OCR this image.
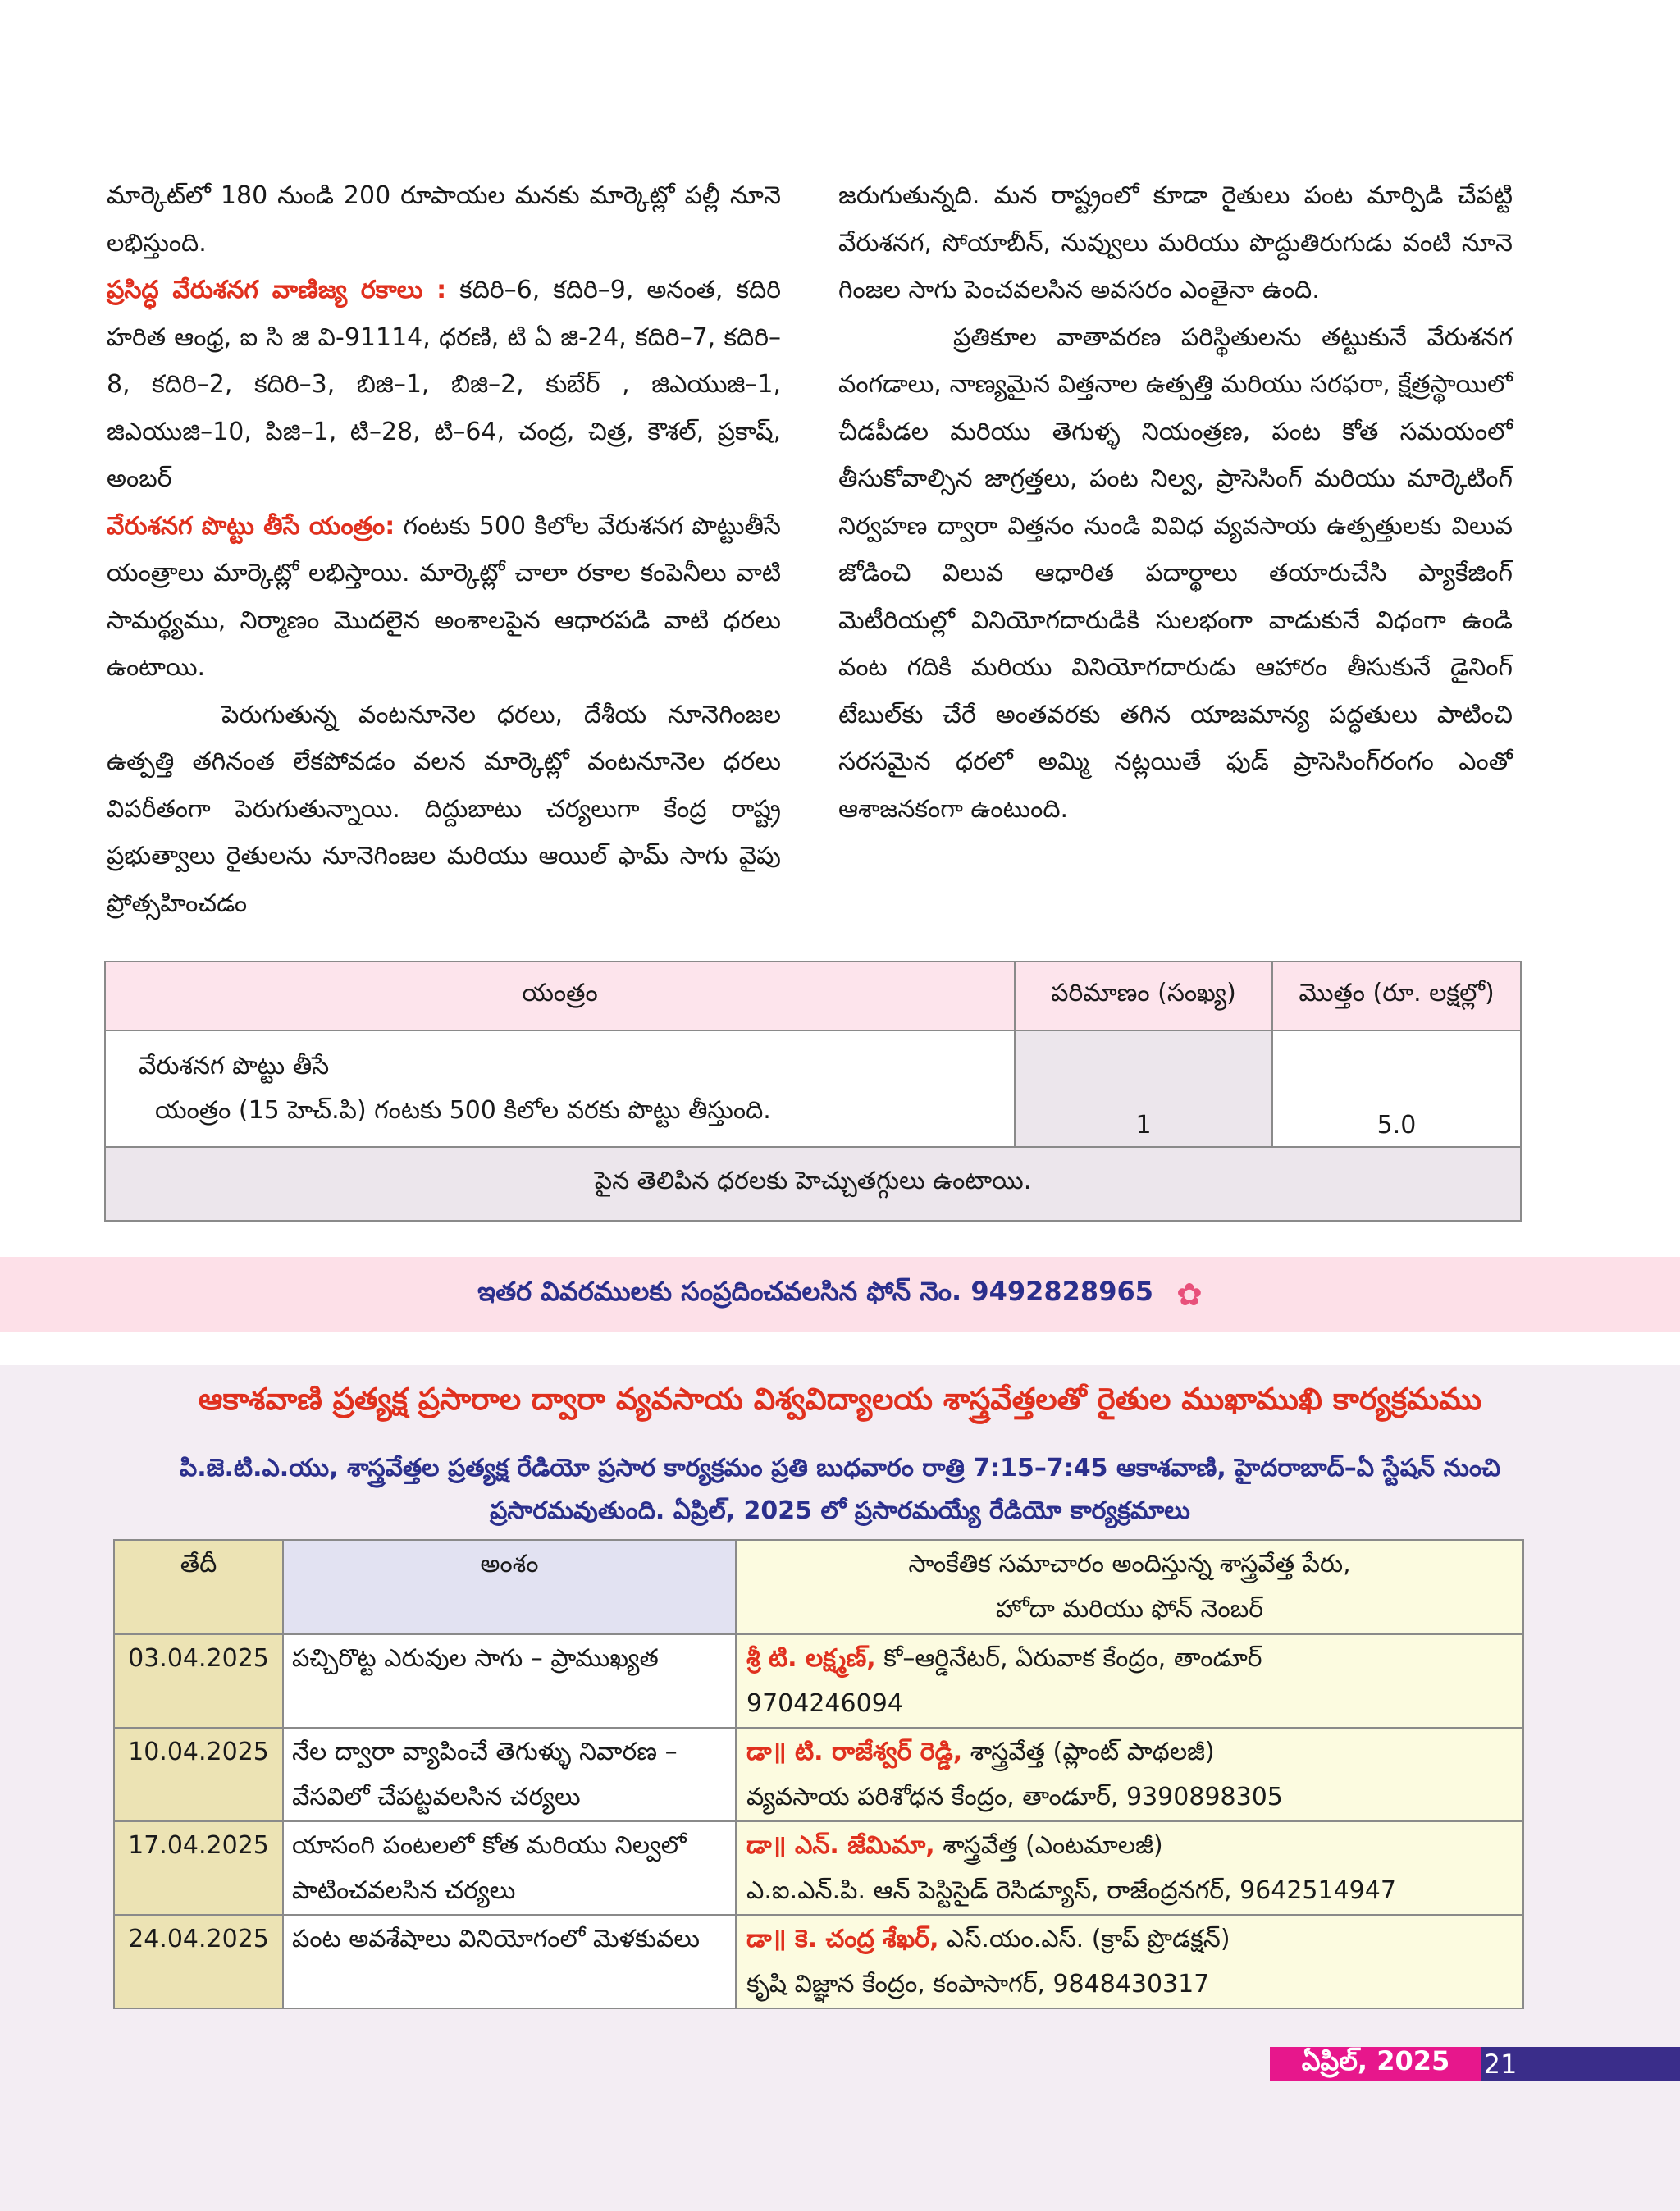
మార్కెట్‌లో 180 నుండి 200 రూపాయల మనకు మార్కెట్లో పల్లీ నూనె లభిస్తుంది.

ప్రసిద్ధ వేరుశనగ వాణిజ్య రకాలు : కదిరి–6, కదిరి–9, అనంత, కదిరి హరిత ఆంధ్ర, ఐ సి జి వి-91114, ధరణి, టి ఏ జి-24, కదిరి–7, కదిరి–8, కదిరి–2, కదిరి–3, బిజి–1, బిజి–2, కుబేర్ , జిఎయుజి–1, జిఎయుజి–10, పిజి–1, టి–28, టి–64, చంద్ర, చిత్ర, కౌశల్, ప్రకాష్, అంబర్

వేరుశనగ పొట్టు తీసే యంత్రం: గంటకు 500 కిలోల వేరుశనగ పొట్టుతీసే యంత్రాలు మార్కెట్లో లభిస్తాయి. మార్కెట్లో చాలా రకాల కంపెనీలు వాటి సామర్థ్యము, నిర్మాణం మొదలైన అంశాలపైన ఆధారపడి వాటి ధరలు ఉంటాయి.

పెరుగుతున్న వంటనూనెల ధరలు, దేశీయ నూనెగింజల ఉత్పత్తి తగినంత లేకపోవడం వలన మార్కెట్లో వంటనూనెల ధరలు విపరీతంగా పెరుగుతున్నాయి. దిద్దుబాటు చర్యలుగా కేంద్ర రాష్ట్ర ప్రభుత్వాలు రైతులను నూనెగింజల మరియు ఆయిల్ ఫామ్ సాగు వైపు ప్రోత్సహించడం

జరుగుతున్నది. మన రాష్ట్రంలో కూడా రైతులు పంట మార్పిడి చేపట్టి వేరుశనగ, సోయాబీన్, నువ్వులు మరియు పొద్దుతిరుగుడు వంటి నూనె గింజల సాగు పెంచవలసిన అవసరం ఎంతైనా ఉంది.

ప్రతికూల వాతావరణ పరిస్థితులను తట్టుకునే వేరుశనగ వంగడాలు, నాణ్యమైన విత్తనాల ఉత్పత్తి మరియు సరఫరా, క్షేత్రస్థాయిలో చీడపీడల మరియు తెగుళ్ళ నియంత్రణ, పంట కోత సమయంలో తీసుకోవాల్సిన జాగ్రత్తలు, పంట నిల్వ, ప్రాసెసింగ్ మరియు మార్కెటింగ్ నిర్వహణ ద్వారా విత్తనం నుండి వివిధ వ్యవసాయ ఉత్పత్తులకు విలువ జోడించి విలువ ఆధారిత పదార్థాలు తయారుచేసి ప్యాకేజింగ్ మెటీరియల్లో వినియోగదారుడికి సులభంగా వాడుకునే విధంగా ఉండి వంట గదికి మరియు వినియోగదారుడు ఆహారం తీసుకునే డైనింగ్ టేబుల్‌కు చేరే అంతవరకు తగిన యాజమాన్య పద్ధతులు పాటించి సరసమైన ధరలో అమ్మి నట్లయితే ఫుడ్ ప్రాసెసింగ్‌రంగం ఎంతో ఆశాజనకంగా ఉంటుంది.

యంత్రం	పరిమాణం (సంఖ్య)	మొత్తం (రూ. లక్షల్లో)

వేరుశనగ పొట్టు తీసే
యంత్రం (15 హెచ్.పి) గంటకు 500 కిలోల వరకు పొట్టు తీస్తుంది.	1	5.0
పైన తెలిపిన ధరలకు హెచ్చుతగ్గులు ఉంటాయి.		
ఇతర వివరములకు సంప్రదించవలసిన ఫోన్ నెం. 9492828965 ✿
ఆకాశవాణి ప్రత్యక్ష ప్రసారాల ద్వారా వ్యవసాయ విశ్వవిద్యాలయ శాస్త్రవేత్తలతో రైతుల ముఖాముఖి కార్యక్రమము
పి.జె.టి.ఎ.యు, శాస్త్రవేత్తల ప్రత్యక్ష రేడియో ప్రసార కార్యక్రమం ప్రతి బుధవారం రాత్రి 7:15–7:45 ఆకాశవాణి, హైదరాబాద్–ఏ స్టేషన్ నుంచి ప్రసారమవుతుంది. ఏప్రిల్, 2025 లో ప్రసారమయ్యే రేడియో కార్యక్రమాలు
తేదీ	అంశం	సాంకేతిక సమాచారం అందిస్తున్న శాస్త్రవేత్త పేరు,
హోదా మరియు ఫోన్ నెంబర్

03.04.2025	పచ్చిరొట్ట ఎరువుల సాగు – ప్రాముఖ్యత	శ్రీ టి. లక్ష్మణ్, కో–ఆర్డినేటర్, ఏరువాక కేంద్రం, తాండూర్
9704246094

10.04.2025	నేల ద్వారా వ్యాపించే తెగుళ్ళు నివారణ – వేసవిలో చేపట్టవలసిన చర్యలు	డా॥ టి. రాజేశ్వర్ రెడ్డి, శాస్త్రవేత్త (ప్లాంట్ పాథలజీ)
వ్యవసాయ పరిశోధన కేంద్రం, తాండూర్, 9390898305

17.04.2025	యాసంగి పంటలలో కోత మరియు నిల్వలో పాటించవలసిన చర్యలు	డా॥ ఎన్. జేమిమా, శాస్త్రవేత్త (ఎంటమాలజీ)
ఎ.ఐ.ఎన్.పి. ఆన్ పెస్టిసైడ్ రెసిడ్యూస్, రాజేంద్రనగర్, 9642514947

24.04.2025	పంట అవశేషాలు వినియోగంలో మెళకువలు	డా॥ కె. చంద్ర శేఖర్, ఎస్.యం.ఎస్. (క్రాప్ ప్రొడక్షన్)
కృషి విజ్ఞాన కేంద్రం, కంపాసాగర్, 9848430317
ఏప్రిల్, 2025	21
